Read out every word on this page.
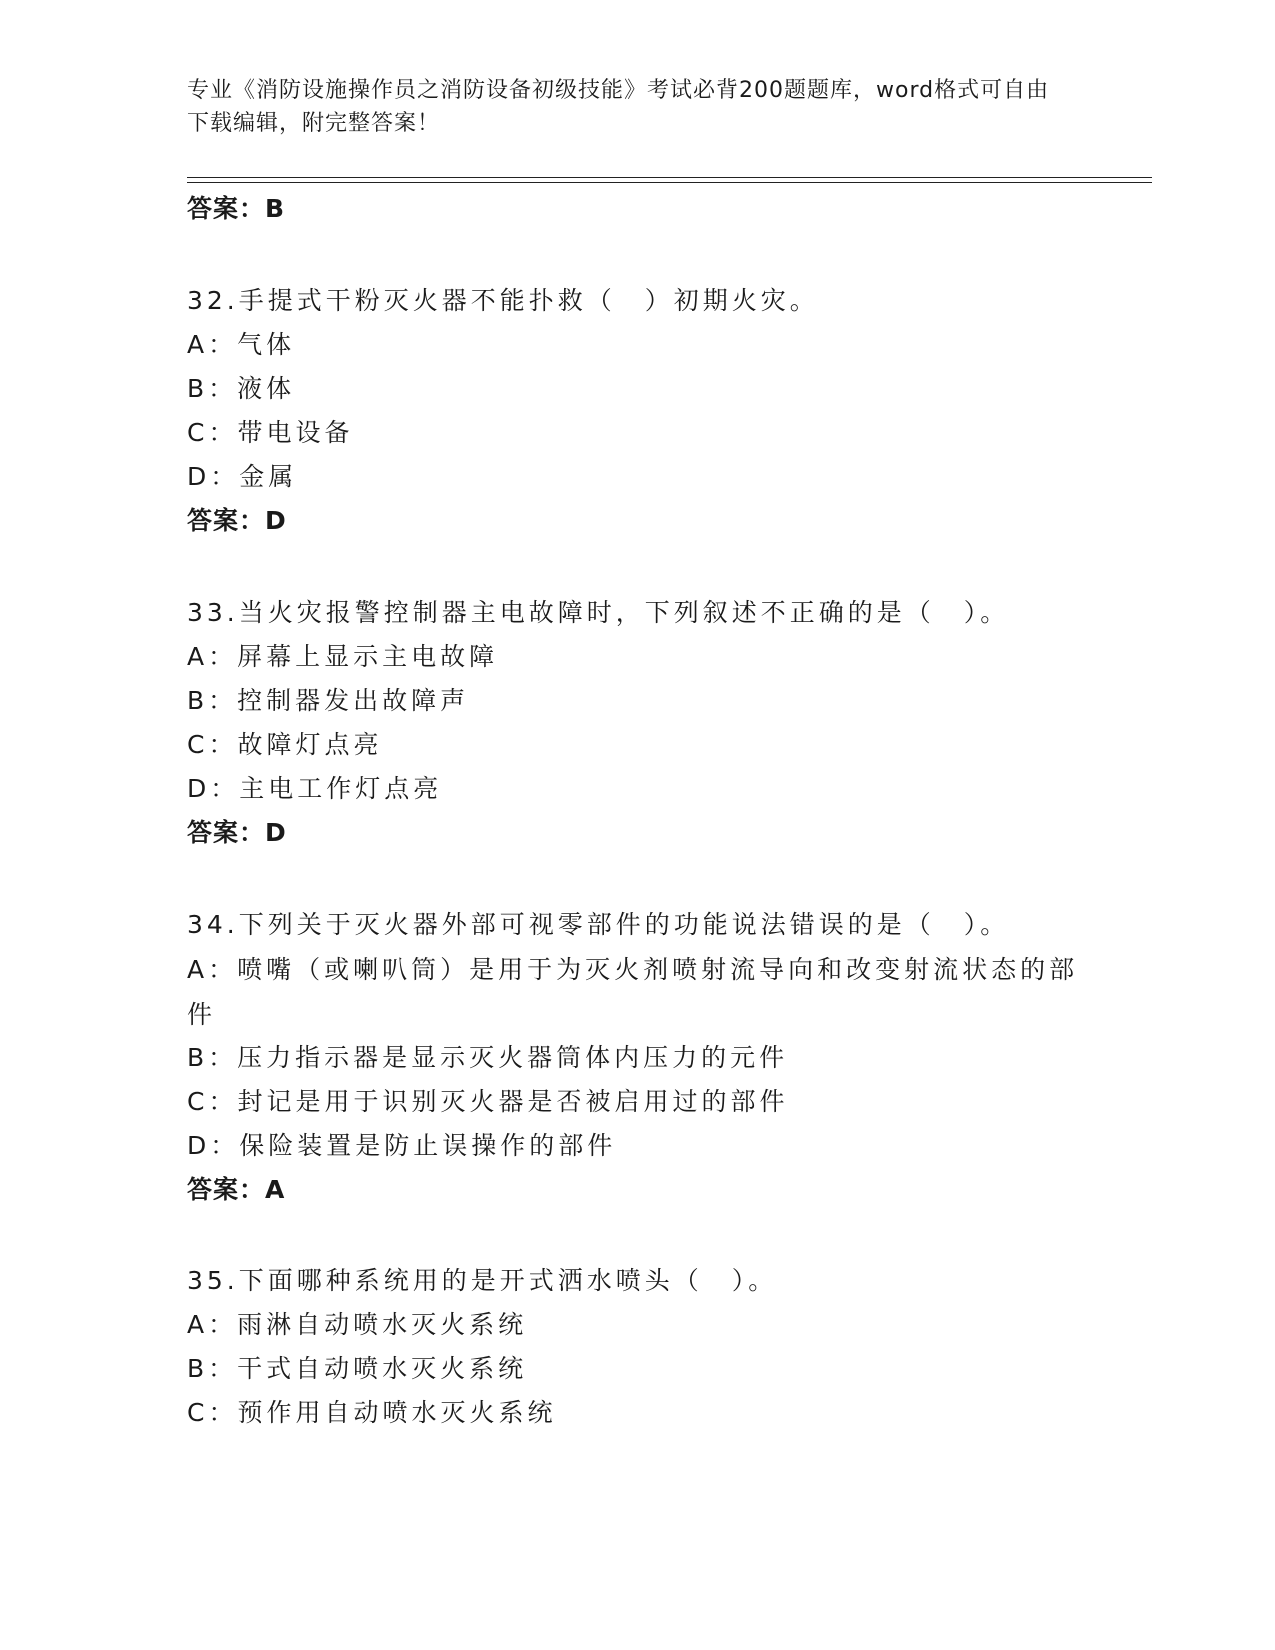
专业《消防设施操作员之消防设备初级技能》考试必背200题题库，word格式可自由下载编辑，附完整答案！
答案：B
32.手提式干粉灭火器不能扑救（　）初期火灾。
A：气体
B：液体
C：带电设备
D：金属
答案：D
33.当火灾报警控制器主电故障时，下列叙述不正确的是（　）。
A：屏幕上显示主电故障
B：控制器发出故障声
C：故障灯点亮
D：主电工作灯点亮
答案：D
34.下列关于灭火器外部可视零部件的功能说法错误的是（　）。
A：喷嘴（或喇叭筒）是用于为灭火剂喷射流导向和改变射流状态的部件
B：压力指示器是显示灭火器筒体内压力的元件
C：封记是用于识别灭火器是否被启用过的部件
D：保险装置是防止误操作的部件
答案：A
35.下面哪种系统用的是开式洒水喷头（　）。
A：雨淋自动喷水灭火系统
B：干式自动喷水灭火系统
C：预作用自动喷水灭火系统
